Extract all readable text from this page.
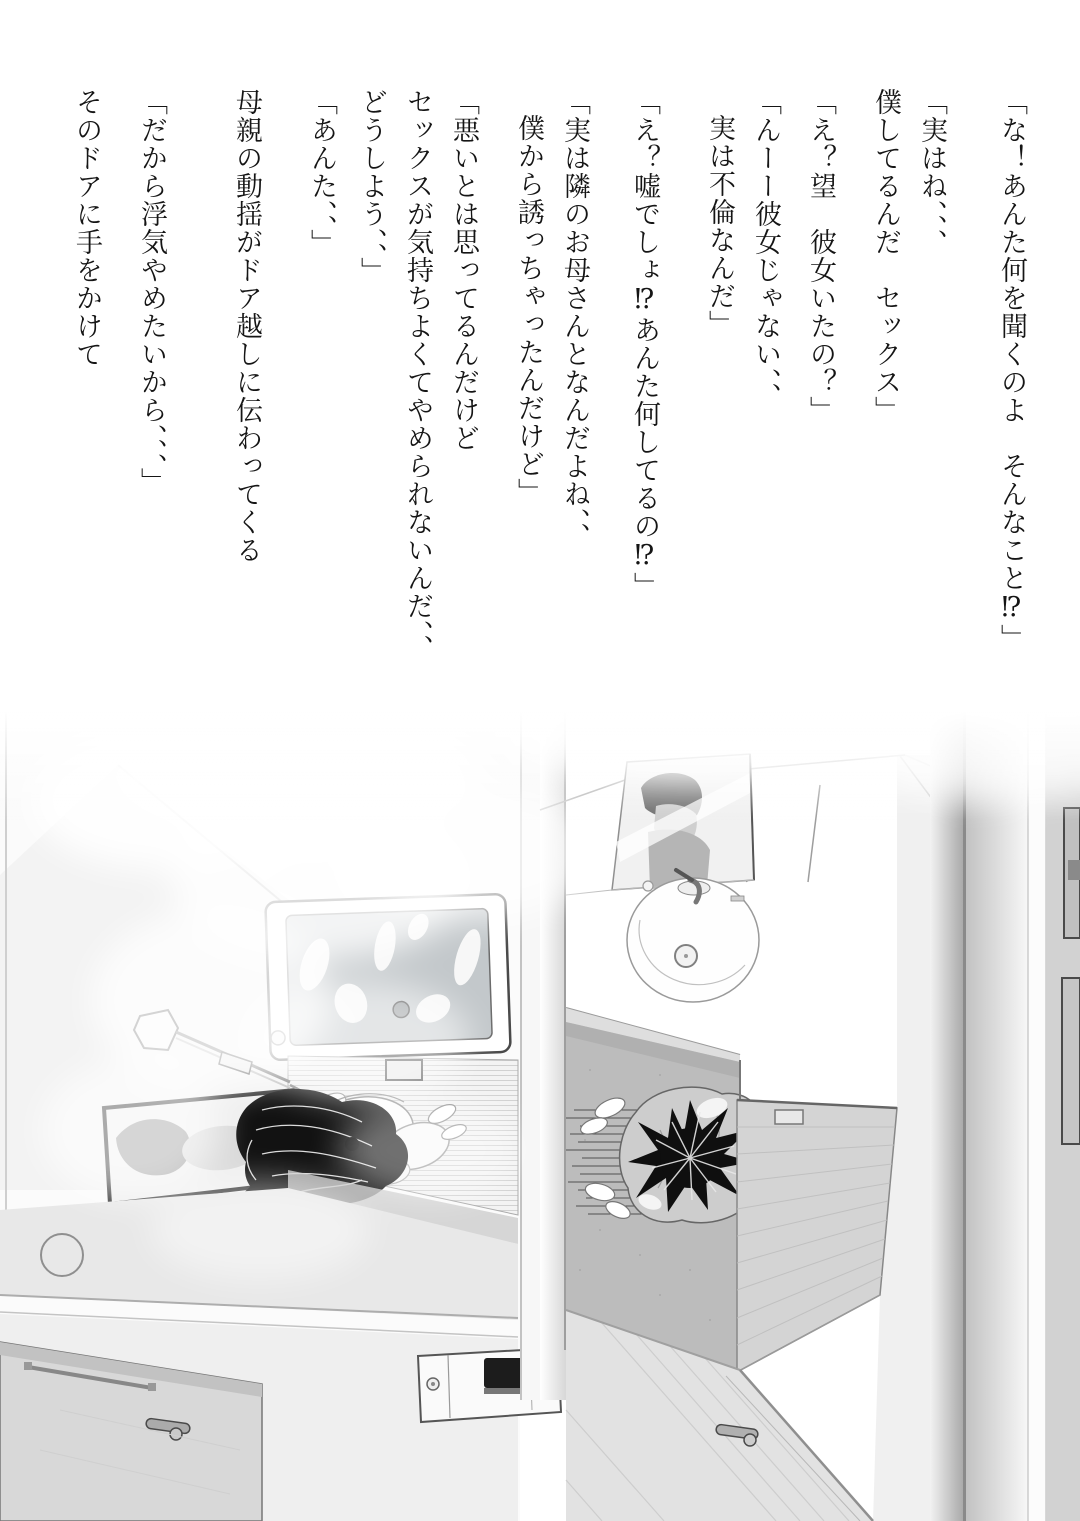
「な！あんた何を聞くのよ　そんなこと⁉」

「実はね、、、

僕してるんだ　セックス」

「え？望　彼女いたの？」

「んーー彼女じゃない、、

実は不倫なんだ」

「え？嘘でしょ⁉あんた何してるの⁉」

「実は隣のお母さんとなんだよね、、

僕から誘っちゃったんだけど」

「悪いとは思ってるんだけど

セックスが気持ちよくてやめられないんだ、、

どうしよう、、」

「あんた、、」

母親の動揺がドア越しに伝わってくる

「だから浮気やめたいから、、、」

そのドアに手をかけて
